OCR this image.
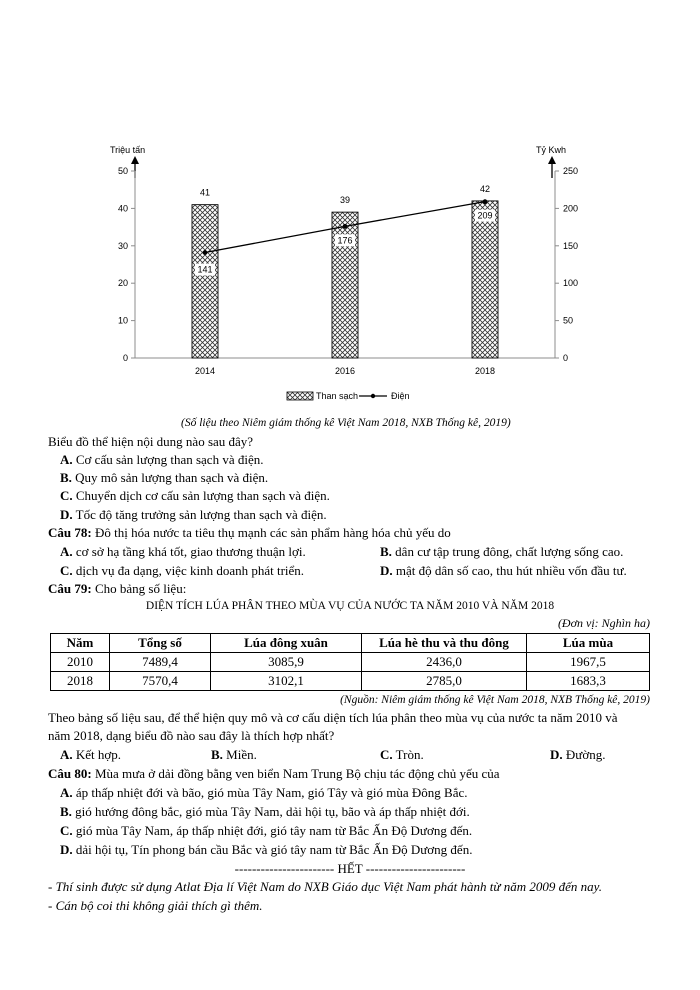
Triệu tấn	Tỷ Kwh
0
10
20
30
40
50
0
50
100
150
200
250
41
39
42
2014	2016	2018
141
176
209
Than sạch	Điện
(Số liệu theo Niêm giám thống kê Việt Nam 2018, NXB Thống kê, 2019)
Biểu đồ thể hiện nội dung nào sau đây?
A. Cơ cấu sản lượng than sạch và điện.
B. Quy mô sản lượng than sạch và điện.
C. Chuyển dịch cơ cấu sản lượng than sạch và điện.
D. Tốc độ tăng trưởng sản lượng than sạch và điện.
Câu 78: Đô thị hóa nước ta tiêu thụ mạnh các sản phẩm hàng hóa chủ yếu do
A. cơ sở hạ tầng khá tốt, giao thương thuận lợi.	B. dân cư tập trung đông, chất lượng sống cao.
C. dịch vụ đa dạng, việc kinh doanh phát triển.	D. mật độ dân số cao, thu hút nhiều vốn đầu tư.
Câu 79: Cho bảng số liệu:
DIỆN TÍCH LÚA PHÂN THEO MÙA VỤ CỦA NƯỚC TA NĂM 2010 VÀ NĂM 2018
(Đơn vị: Nghìn ha)
Năm	Tổng số	Lúa đông xuân	Lúa hè thu và thu đông	Lúa mùa
2010	7489,4	3085,9	2436,0	1967,5
2018	7570,4	3102,1	2785,0	1683,3
(Nguồn: Niêm giám thống kê Việt Nam 2018, NXB Thống kê, 2019)
Theo bảng số liệu sau, để thể hiện quy mô và cơ cấu diện tích lúa phân theo mùa vụ của nước ta năm 2010 và
năm 2018, dạng biểu đồ nào sau đây là thích hợp nhất?
A. Kết hợp.	B. Miền.	C. Tròn.	D. Đường.
Câu 80: Mùa mưa ở dải đồng bằng ven biển Nam Trung Bộ chịu tác động chủ yếu của
A. áp thấp nhiệt đới và bão, gió mùa Tây Nam, gió Tây và gió mùa Đông Bắc.
B. gió hướng đông bắc, gió mùa Tây Nam, dải hội tụ, bão và áp thấp nhiệt đới.
C. gió mùa Tây Nam, áp thấp nhiệt đới, gió tây nam từ Bắc Ấn Độ Dương đến.
D. dải hội tụ, Tín phong bán cầu Bắc và gió tây nam từ Bắc Ấn Độ Dương đến.
----------------------- HẾT -----------------------
- Thí sinh được sử dụng Atlat Địa lí Việt Nam do NXB Giáo dục Việt Nam phát hành từ năm 2009 đến nay.
- Cán bộ coi thi không giải thích gì thêm.
